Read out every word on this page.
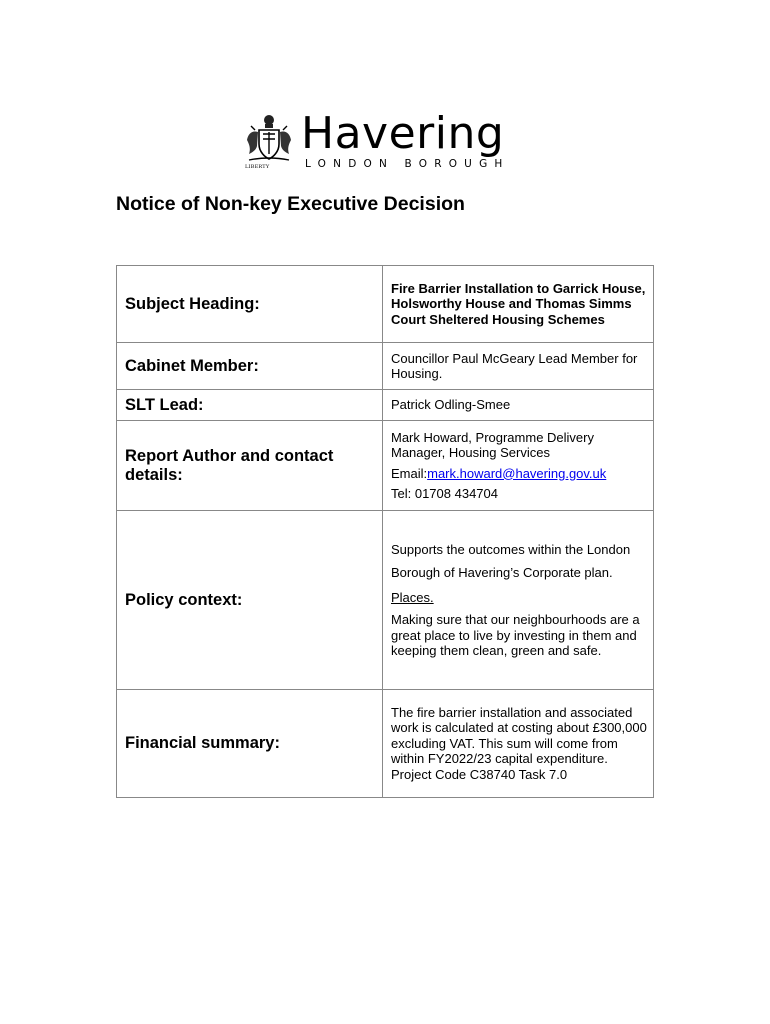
LIBERTY
Havering
LONDON BOROUGH
Notice of Non-key Executive Decision
Subject Heading:	Fire Barrier Installation to Garrick House, Holsworthy House and Thomas Simms Court Sheltered Housing Schemes
Cabinet Member:	Councillor Paul McGeary Lead Member for Housing.
SLT Lead:	Patrick Odling-Smee
Report Author and contact details:	Mark Howard, Programme Delivery Manager, Housing Services

Email:mark.howard@havering.gov.uk

Tel: 01708 434704

Policy context:	Supports the outcomes within the London Borough of Havering’s Corporate plan.

Places.

Making sure that our neighbourhoods are a great place to live by investing in them and keeping them clean, green and safe.

Financial summary:	The fire barrier installation and associated work is calculated at costing about £300,000 excluding VAT. This sum will come from within FY2022/23 capital expenditure. Project Code C38740 Task 7.0
